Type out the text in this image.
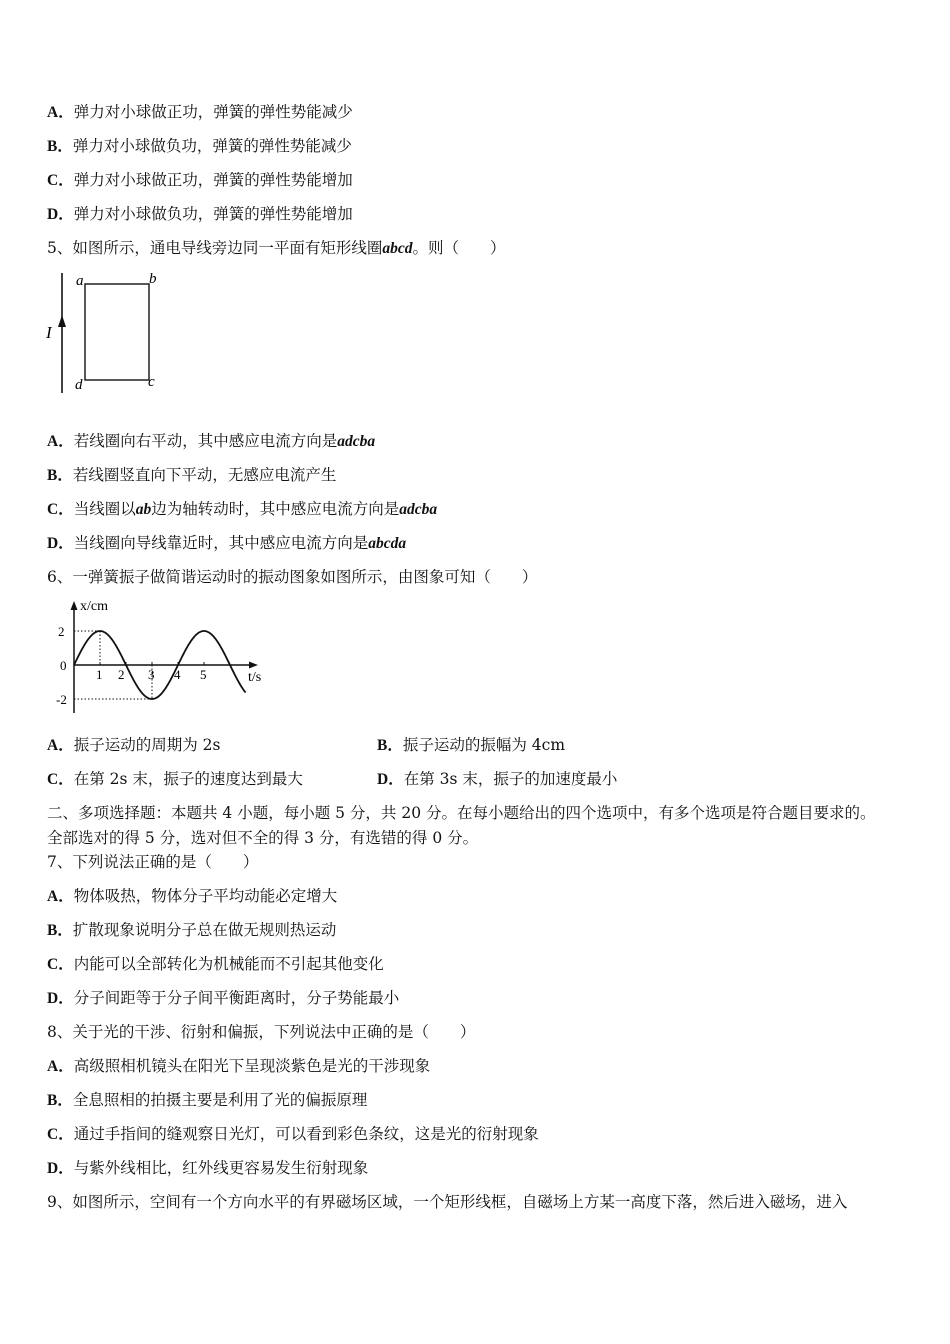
A．弹力对小球做正功，弹簧的弹性势能减少
B．弹力对小球做负功，弹簧的弹性势能减少
C．弹力对小球做正功，弹簧的弹性势能增加
D．弹力对小球做负功，弹簧的弹性势能增加
5、如图所示，通电导线旁边同一平面有矩形线圈abcd。则（　　）
I
a	b
c
d
A．若线圈向右平动，其中感应电流方向是adcba
B．若线圈竖直向下平动，无感应电流产生
C．当线圈以ab边为轴转动时，其中感应电流方向是adcba
D．当线圈向导线靠近时，其中感应电流方向是abcda
6、一弹簧振子做简谐运动时的振动图象如图所示，由图象可知（　　）
x/cm
t/s
0
2
-2
1 2 3 4 5
A．振子运动的周期为 2s	B．振子运动的振幅为 4cm
C．在第 2s 末，振子的速度达到最大	D．在第 3s 末，振子的加速度最小
二、多项选择题：本题共 4 小题，每小题 5 分，共 20 分。在每小题给出的四个选项中，有多个选项是符合题目要求的。
全部选对的得 5 分，选对但不全的得 3 分，有选错的得 0 分。
7、下列说法正确的是（　　）
A．物体吸热，物体分子平均动能必定增大
B．扩散现象说明分子总在做无规则热运动
C．内能可以全部转化为机械能而不引起其他变化
D．分子间距等于分子间平衡距离时，分子势能最小
8、关于光的干涉、衍射和偏振，下列说法中正确的是（　　）
A．高级照相机镜头在阳光下呈现淡紫色是光的干涉现象
B．全息照相的拍摄主要是利用了光的偏振原理
C．通过手指间的缝观察日光灯，可以看到彩色条纹，这是光的衍射现象
D．与紫外线相比，红外线更容易发生衍射现象
9、如图所示，空间有一个方向水平的有界磁场区域，一个矩形线框，自磁场上方某一高度下落，然后进入磁场，进入
